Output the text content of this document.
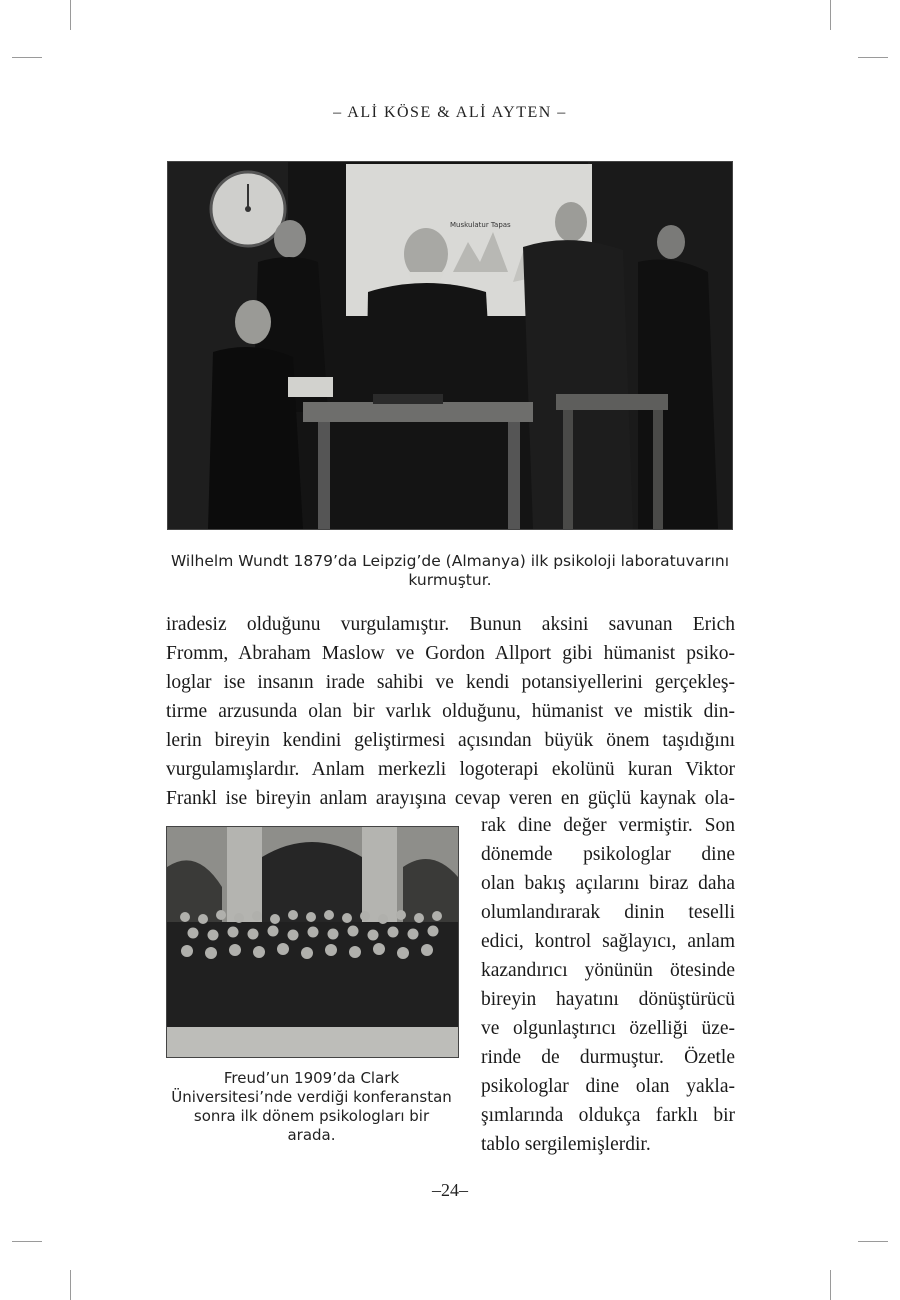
– ALİ KÖSE & ALİ AYTEN –
Muskulatur Tapas
Wilhelm Wundt 1879’da Leipzig’de (Almanya) ilk psikoloji laboratuvarını
kurmuştur.
iradesiz olduğunu vurgulamıştır. Bunun aksini savunan Erich
Fromm, Abraham Maslow ve Gordon Allport gibi hümanist psiko-
loglar ise insanın irade sahibi ve kendi potansiyellerini gerçekleş-
tirme arzusunda olan bir varlık olduğunu, hümanist ve mistik din-
lerin bireyin kendini geliştirmesi açısından büyük önem taşıdığını
vurgulamışlardır. Anlam merkezli logoterapi ekolünü kuran Viktor
Frankl ise bireyin anlam arayışına cevap veren en güçlü kaynak ola-
Freud’un 1909’da Clark
Üniversitesi’nde verdiği konferanstan
sonra ilk dönem psikologları bir
arada.
rak dine değer vermiştir. Son
dönemde psikologlar dine
olan bakış açılarını biraz daha
olumlandırarak dinin teselli
edici, kontrol sağlayıcı, anlam
kazandırıcı yönünün ötesinde
bireyin hayatını dönüştürücü
ve olgunlaştırıcı özelliği üze-
rinde de durmuştur. Özetle
psikologlar dine olan yakla-
şımlarında oldukça farklı bir
tablo sergilemişlerdir.
–24–
